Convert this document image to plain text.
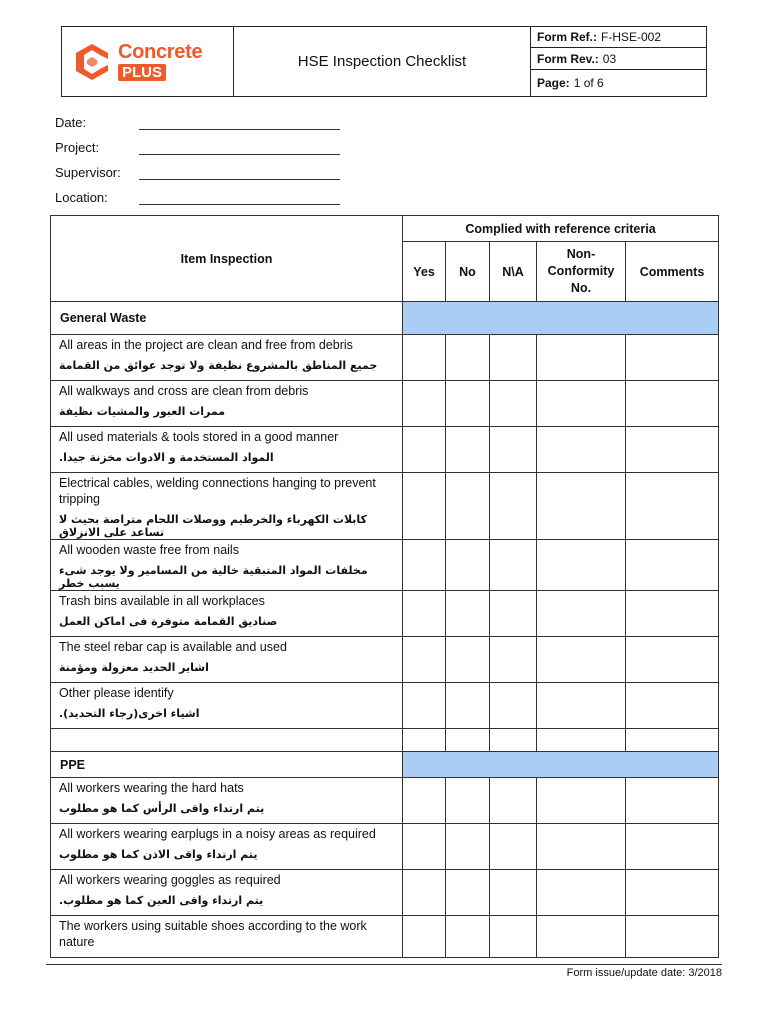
Concrete
PLUS
HSE Inspection Checklist
Form Ref.: F-HSE-002
Form Rev.: 03
Page: 1 of 6
Date:
Project:
Supervisor:
Location:
Item Inspection	Complied with reference criteria				
	Yes	No	N\A	Non-Conformity No.	Comments
General Waste					

All areas in the project are clean and free from debris
جميع المناطق بالمشروع نظيفة ولا توجد عوائق من القمامة					

All walkways and cross are clean from debris
ممرات العبور والمشيات نظيفة					

All used materials & tools stored in a good manner
المواد المستخدمة و الادوات مخزنة جيدا.					

Electrical cables, welding connections hanging to prevent tripping
كابلات الكهرباء والخرطيم ووصلات اللحام متراصة بحيث لا تساعد على الانزلاق					

All wooden waste free from nails
مخلفات المواد المتبقية خالية من المسامير ولا يوجد شىء يسبب خطر					

Trash bins available in all workplaces
صناديق القمامة متوفرة فى اماكن العمل					

The steel rebar cap is available and used
اشاير الحديد معزولة ومؤمنة					

Other please identify
اشياء اخرى(رجاء التحديد).					

PPE					

All workers wearing the hard hats
يتم ارتداء واقى الرأس كما هو مطلوب					

All workers wearing earplugs in a noisy areas as required
يتم ارتداء واقى الاذن كما هو مطلوب					

All workers wearing goggles as required
يتم ارتداء واقى العين كما هو مطلوب.					

The workers using suitable shoes according to the work nature					

Form issue/update date: 3/2018
